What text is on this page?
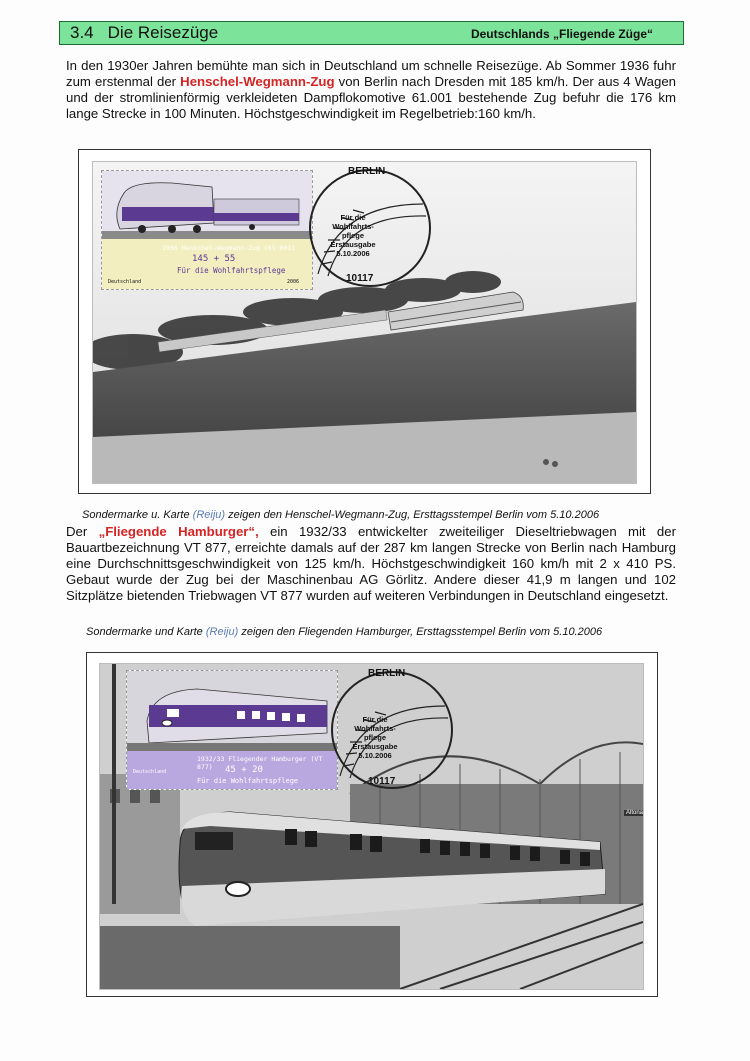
3.4 Die Reisezüge	Deutschlands „Fliegende Züge“
In den 1930er Jahren bemühte man sich in Deutschland um schnelle Reisezüge. Ab Sommer 1936 fuhr zum erstenmal der Henschel-Wegmann-Zug von Berlin nach Dresden mit 185 km/h. Der aus 4 Wagen und der stromlinienförmig verkleideten Dampflokomotive 61.001 bestehende Zug befuhr die 176 km lange Strecke in 100 Minuten. Höchstgeschwindigkeit im Regelbetrieb:160 km/h.
1936 Henschel-Wegmann-Zug (61 001)
145 + 55
Für die Wohlfahrtspflege
Deutschland	2006
BERLIN
Für die
Wohlfahrts-
pflege
Erstausgabe
5.10.2006
10117
Sondermarke u. Karte (Reiju) zeigen den Henschel-Wegmann-Zug, Ersttagsstempel Berlin vom 5.10.2006
Der „Fliegende Hamburger“, ein 1932/33 entwickelter zweiteiliger Dieseltriebwagen mit der Bauartbezeichnung VT 877, erreichte damals auf der 287 km langen Strecke von Berlin nach Hamburg eine Durchschnittsgeschwindigkeit von 125 km/h. Höchstgeschwindigkeit 160 km/h mit 2 x 410 PS. Gebaut wurde der Zug bei der Maschinenbau AG Görlitz. Andere dieser 41,9 m langen und 102 Sitzplätze bietenden Triebwagen VT 877 wurden auf weiteren Verbindungen in Deutschland eingesetzt.
Sondermarke und Karte (Reiju) zeigen den Fliegenden Hamburger, Ersttagsstempel Berlin vom 5.10.2006
Altona
1932/33 Fliegender Hamburger (VT 877)	45 + 20
Für die Wohlfahrtspflege
Deutschland
BERLIN
Für die
Wohlfahrts-
pflege
Erstausgabe
5.10.2006
10117
